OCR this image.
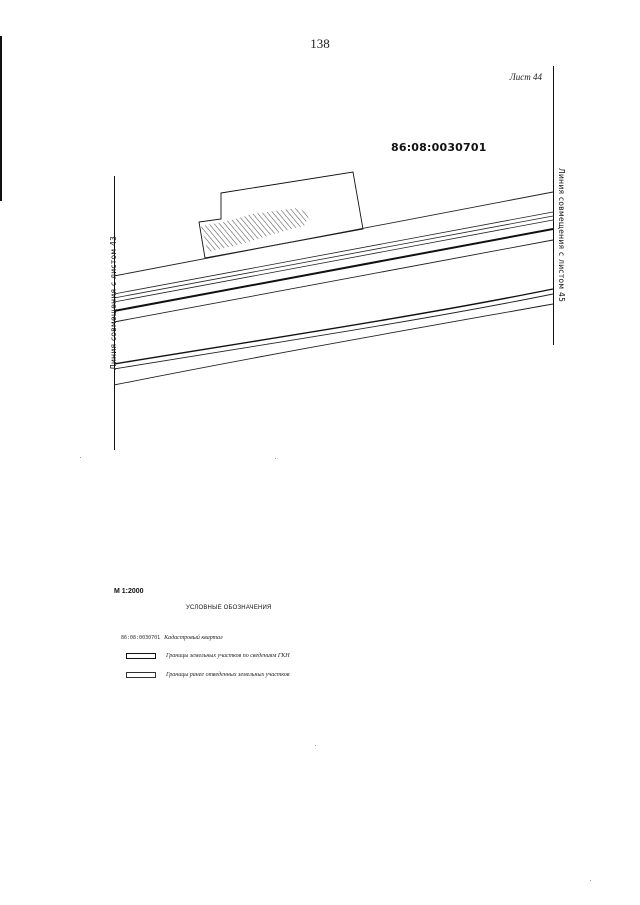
138
Лист 44
86:08:0030701
Линия совмещения с листом 43
Линия совмещения с листом 45
М 1:2000
УСЛОВНЫЕ ОБОЗНАЧЕНИЯ
86:08:0030701 Кадастровый квартал
Границы земельных участков по сведениям ГКН
Границы ранее отведенных земельных участков
